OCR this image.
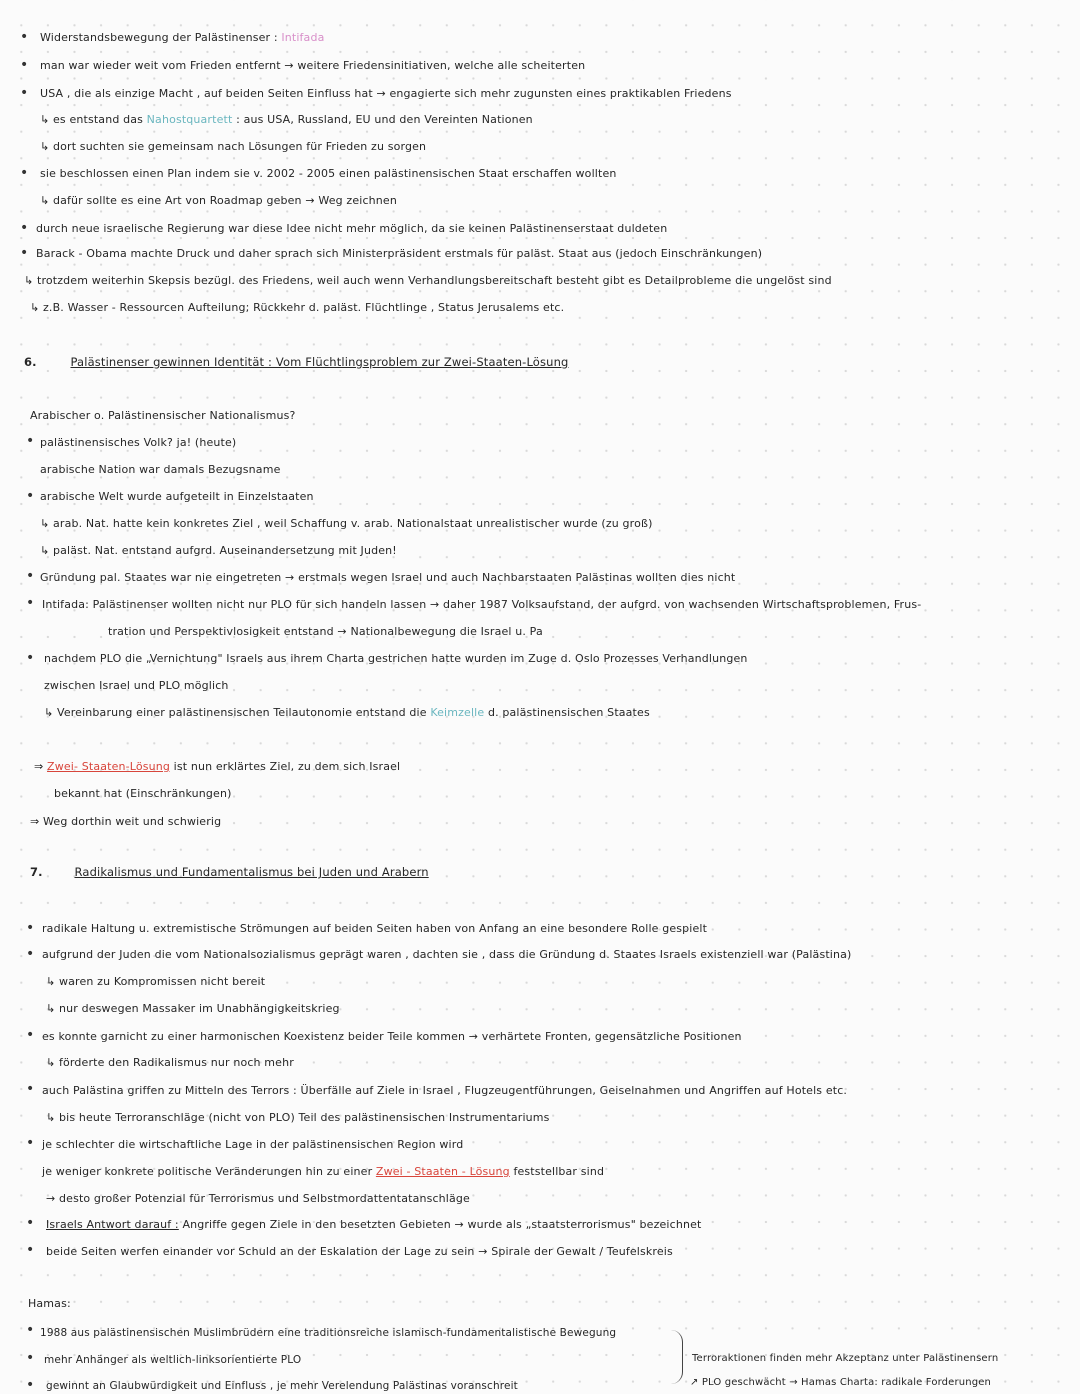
• Widerstandsbewegung der Palästinenser : Intifada
• man war wieder weit vom Frieden entfernt → weitere Friedensinitiativen, welche alle scheiterten
• USA , die als einzige Macht , auf beiden Seiten Einfluss hat → engagierte sich mehr zugunsten eines praktikablen Friedens
↳ es entstand das Nahostquartett : aus USA, Russland, EU und den Vereinten Nationen
↳ dort suchten sie gemeinsam nach Lösungen für Frieden zu sorgen
• sie beschlossen einen Plan indem sie v. 2002 - 2005 einen palästinensischen Staat erschaffen wollten
↳ dafür sollte es eine Art von Roadmap geben → Weg zeichnen
• durch neue israelische Regierung war diese Idee nicht mehr möglich, da sie keinen Palästinenserstaat duldeten
• Barack - Obama machte Druck und daher sprach sich Ministerpräsident erstmals für paläst. Staat aus (jedoch Einschränkungen)
↳ trotzdem weiterhin Skepsis bezügl. des Friedens, weil auch wenn Verhandlungsbereitschaft besteht gibt es Detailprobleme die ungelöst sind
↳ z.B. Wasser - Ressourcen Aufteilung; Rückkehr d. paläst. Flüchtlinge , Status Jerusalems etc.
6.	Palästinenser gewinnen Identität : Vom Flüchtlingsproblem zur Zwei-Staaten-Lösung
Arabischer o. Palästinensischer Nationalismus?
• palästinensisches Volk? ja! (heute)
arabische Nation war damals Bezugsname
• arabische Welt wurde aufgeteilt in Einzelstaaten
↳ arab. Nat. hatte kein konkretes Ziel , weil Schaffung v. arab. Nationalstaat unrealistischer wurde (zu groß)
↳ paläst. Nat. entstand aufgrd. Auseinandersetzung mit Juden!
• Gründung pal. Staates war nie eingetreten → erstmals wegen Israel und auch Nachbarstaaten Palästinas wollten dies nicht
• Intifada: Palästinenser wollten nicht nur PLO für sich handeln lassen → daher 1987 Volksaufstand, der aufgrd. von wachsenden Wirtschaftsproblemen, Frus-
tration und Perspektivlosigkeit entstand → Nationalbewegung die Israel u. Pa
• nachdem PLO die „Vernichtung" Israels aus ihrem Charta gestrichen hatte wurden im Zuge d. Oslo Prozesses Verhandlungen
zwischen Israel und PLO möglich
↳ Vereinbarung einer palästinensischen Teilautonomie entstand die Keimzelle d. palästinensischen Staates
⇒ Zwei- Staaten-Lösung ist nun erklärtes Ziel, zu dem sich Israel
bekannt hat (Einschränkungen)
⇒ Weg dorthin weit und schwierig
7.	Radikalismus und Fundamentalismus bei Juden und Arabern
• radikale Haltung u. extremistische Strömungen auf beiden Seiten haben von Anfang an eine besondere Rolle gespielt
• aufgrund der Juden die vom Nationalsozialismus geprägt waren , dachten sie , dass die Gründung d. Staates Israels existenziell war (Palästina)
↳ waren zu Kompromissen nicht bereit
↳ nur deswegen Massaker im Unabhängigkeitskrieg
• es konnte garnicht zu einer harmonischen Koexistenz beider Teile kommen → verhärtete Fronten, gegensätzliche Positionen
↳ förderte den Radikalismus nur noch mehr
• auch Palästina griffen zu Mitteln des Terrors : Überfälle auf Ziele in Israel , Flugzeugentführungen, Geiselnahmen und Angriffen auf Hotels etc.
↳ bis heute Terroranschläge (nicht von PLO) Teil des palästinensischen Instrumentariums
• je schlechter die wirtschaftliche Lage in der palästinensischen Region wird
je weniger konkrete politische Veränderungen hin zu einer Zwei - Staaten - Lösung feststellbar sind
→ desto großer Potenzial für Terrorismus und Selbstmordattentatanschläge
• Israels Antwort darauf : Angriffe gegen Ziele in den besetzten Gebieten → wurde als „staatsterrorismus" bezeichnet
• beide Seiten werfen einander vor Schuld an der Eskalation der Lage zu sein → Spirale der Gewalt / Teufelskreis
Hamas:
• 1988 aus palästinensischen Muslimbrüdern eine traditionsreiche islamisch-fundamentalistische Bewegung
• mehr Anhänger als weltlich-linksorientierte PLO
• gewinnt an Glaubwürdigkeit und Einfluss , je mehr Verelendung Palästinas voranschreit
Terroraktionen finden mehr Akzeptanz unter Palästinensern
↗ PLO geschwächt → Hamas Charta: radikale Forderungen
